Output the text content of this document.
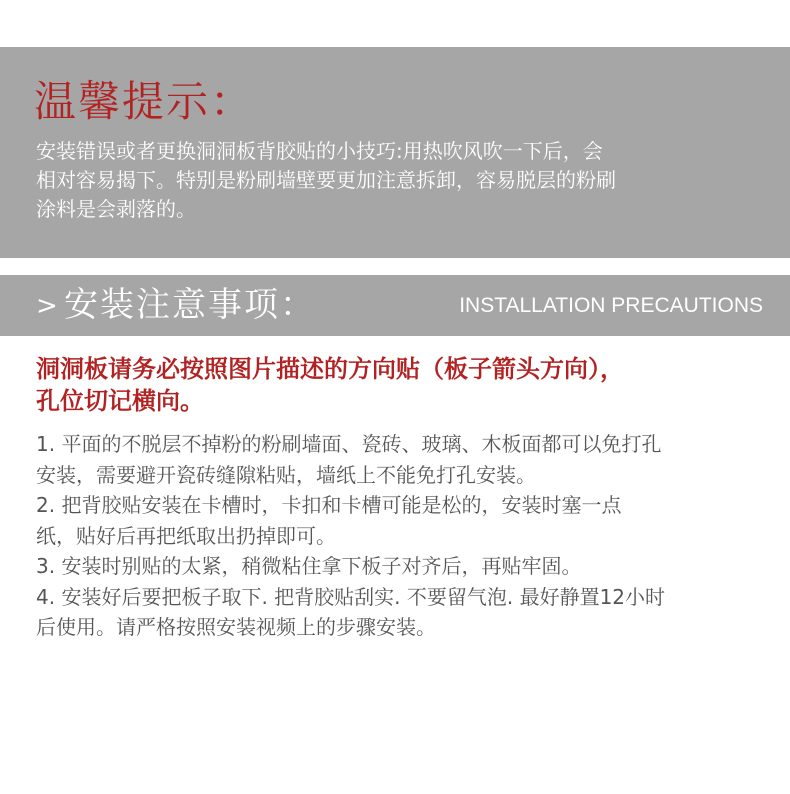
温馨提示：
安装错误或者更换洞洞板背胶贴的小技巧:用热吹风吹一下后，会
相对容易揭下。特别是粉刷墙壁要更加注意拆卸，容易脱层的粉刷
涂料是会剥落的。
> 安装注意事项：	INSTALLATION PRECAUTIONS
洞洞板请务必按照图片描述的方向贴（板子箭头方向），
孔位切记横向。
1. 平面的不脱层不掉粉的粉刷墙面、瓷砖、玻璃、木板面都可以免打孔
安装，需要避开瓷砖缝隙粘贴，墙纸上不能免打孔安装。
2. 把背胶贴安装在卡槽时，卡扣和卡槽可能是松的，安装时塞一点
纸，贴好后再把纸取出扔掉即可。
3. 安装时别贴的太紧，稍微粘住拿下板子对齐后，再贴牢固。
4. 安装好后要把板子取下. 把背胶贴刮实. 不要留气泡. 最好静置12小时
后使用。请严格按照安装视频上的步骤安装。
